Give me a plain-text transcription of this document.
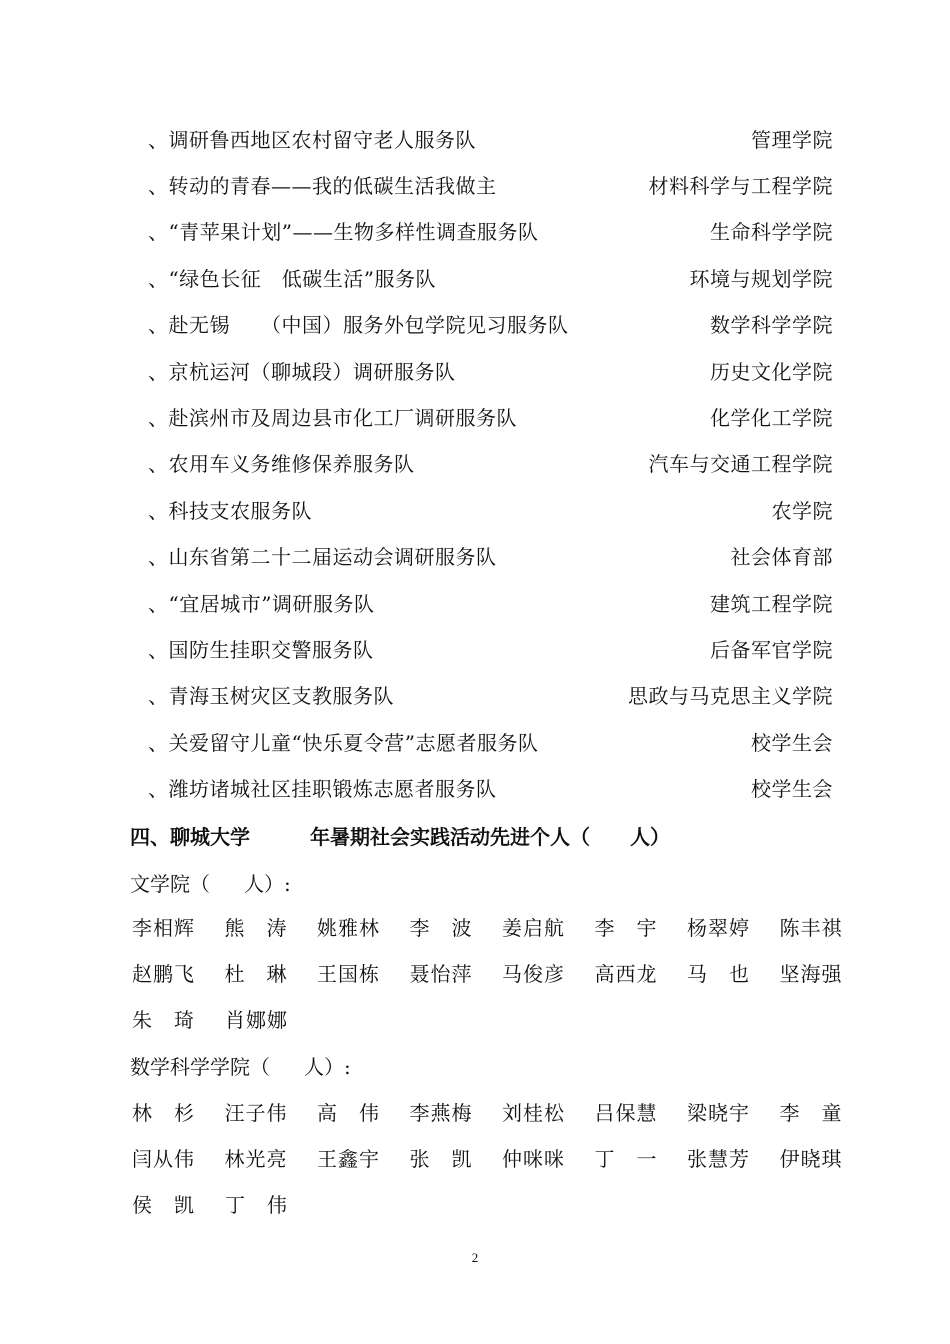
、调研鲁西地区农村留守老人服务队	管理学院
、转动的青春——我的低碳生活我做主	材料科学与工程学院
、“青苹果计划”——生物多样性调查服务队	生命科学学院
、“绿色长征　低碳生活”服务队	环境与规划学院
、赴无锡　　（中国）服务外包学院见习服务队	数学科学学院
、京杭运河（聊城段）调研服务队	历史文化学院
、赴滨州市及周边县市化工厂调研服务队	化学化工学院
、农用车义务维修保养服务队	汽车与交通工程学院
、科技支农服务队	农学院
、山东省第二十二届运动会调研服务队	社会体育部
、“宜居城市”调研服务队	建筑工程学院
、国防生挂职交警服务队	后备军官学院
、青海玉树灾区支教服务队	思政与马克思主义学院
、关爱留守儿童“快乐夏令营”志愿者服务队	校学生会
、潍坊诸城社区挂职锻炼志愿者服务队	校学生会
四、聊城大学	年暑期社会实践活动先进个人（ 人）
文学院（ 人）:
李相辉	熊　涛	姚雅林	李　波	姜启航	李　宇	杨翠婷	陈丰祺
赵鹏飞	杜　琳	王国栋	聂怡萍	马俊彦	高西龙	马　也	坚海强
朱　琦	肖娜娜
数学科学学院（ 人）:
林　杉	汪子伟	高　伟	李燕梅	刘桂松	吕保慧	梁晓宇	李　童
闫从伟	林光亮	王鑫宇	张　凯	仲咪咪	丁　一	张慧芳	伊晓琪
侯　凯	丁　伟
2
